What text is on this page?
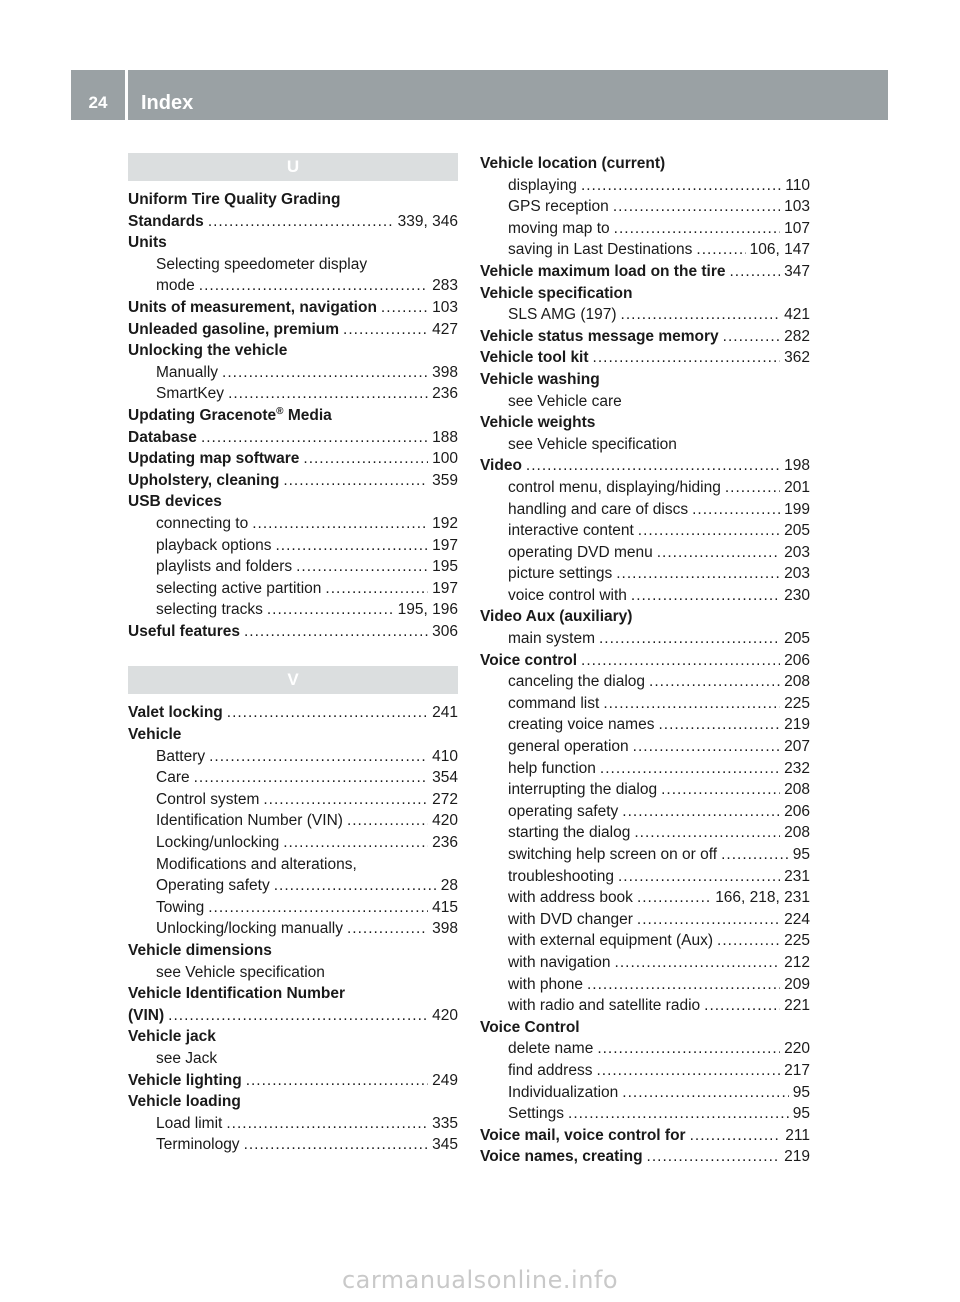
24	Index
U
Uniform Tire Quality Grading
Standards .....	339, 346
Units
Selecting speedometer display
mode .....	283
Units of measurement, navigation .....	103
Unleaded gasoline, premium .....	427
Unlocking the vehicle
Manually .....	398
SmartKey .....	236
Updating Gracenote® Media
Database .....	188
Updating map software .....	100
Upholstery, cleaning .....	359
USB devices
connecting to .....	192
playback options .....	197
playlists and folders .....	195
selecting active partition .....	197
selecting tracks .....	195, 196
Useful features .....	306
V
Valet locking .....	241
Vehicle
Battery .....	410
Care .....	354
Control system .....	272
Identification Number (VIN) .....	420
Locking/unlocking .....	236
Modifications and alterations,
Operating safety .....	28
Towing .....	415
Unlocking/locking manually .....	398
Vehicle dimensions
see Vehicle specification
Vehicle Identification Number
(VIN) .....	420
Vehicle jack
see Jack
Vehicle lighting .....	249
Vehicle loading
Load limit .....	335
Terminology .....	345
Vehicle location (current)
displaying .....	110
GPS reception .....	103
moving map to .....	107
saving in Last Destinations .....	106, 147
Vehicle maximum load on the tire .....	347
Vehicle specification
SLS AMG (197) .....	421
Vehicle status message memory .....	282
Vehicle tool kit .....	362
Vehicle washing
see Vehicle care
Vehicle weights
see Vehicle specification
Video .....	198
control menu, displaying/hiding .....	201
handling and care of discs .....	199
interactive content .....	205
operating DVD menu .....	203
picture settings .....	203
voice control with .....	230
Video Aux (auxiliary)
main system .....	205
Voice control .....	206
canceling the dialog .....	208
command list .....	225
creating voice names .....	219
general operation .....	207
help function .....	232
interrupting the dialog .....	208
operating safety .....	206
starting the dialog .....	208
switching help screen on or off .....	95
troubleshooting .....	231
with address book .....	166, 218, 231
with DVD changer .....	224
with external equipment (Aux) .....	225
with navigation .....	212
with phone .....	209
with radio and satellite radio .....	221
Voice Control
delete name .....	220
find address .....	217
Individualization .....	95
Settings .....	95
Voice mail, voice control for .....	211
Voice names, creating .....	219
carmanualsonline.info
